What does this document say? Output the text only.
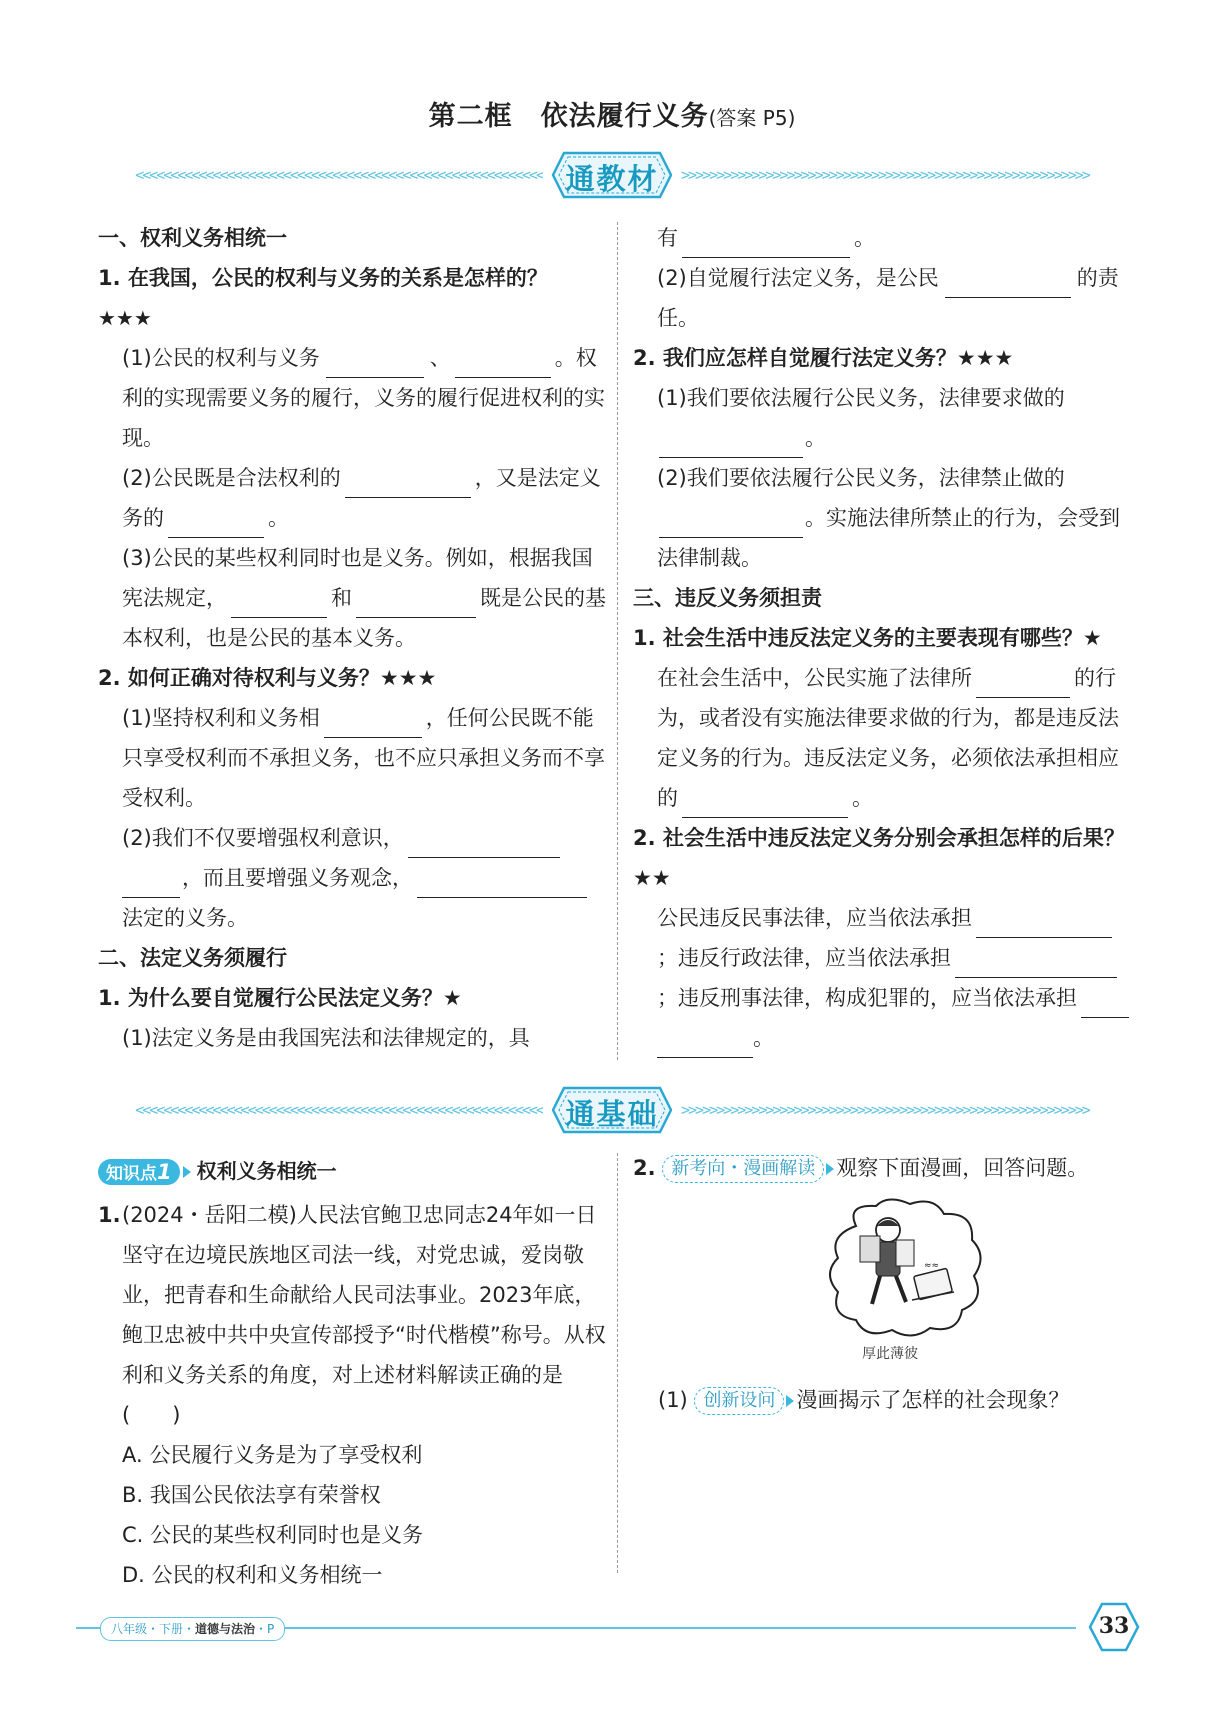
第二框　依法履行义务(答案 P5)
<<<<<<<<<<<<<<<<<<<<<<<<<<<<<<<<<<<<<<<<<<<<<<<<<<<<<<<<<< 通教材	>>>>>>>>>>>>>>>>>>>>>>>>>>>>>>>>>>>>>>>>>>>>>>>>>>>>>>>>>>

一、权利义务相统一

1. 在我国，公民的权利与义务的关系是怎样的？

★★★

(1)公民的权利与义务	、	。权利的实现需要义务的履行，义务的履行促进权利的实现。

(2)公民既是合法权利的	，又是法定义务的	。

(3)公民的某些权利同时也是义务。例如，根据我国宪法规定，	和	既是公民的基本权利，也是公民的基本义务。

2. 如何正确对待权利与义务？★★★

(1)坚持权利和义务相	，任何公民既不能只享受权利而不承担义务，也不应只承担义务而不享受权利。

(2)我们不仅要增强权利意识，，而且要增强义务观念，法定的义务。

二、法定义务须履行

1. 为什么要自觉履行公民法定义务？★

(1)法定义务是由我国宪法和法律规定的，具

有	。

(2)自觉履行法定义务，是公民	的责任。

2. 我们应怎样自觉履行法定义务？★★★

(1)我们要依法履行公民义务，法律要求做的。

(2)我们要依法履行公民义务，法律禁止做的。实施法律所禁止的行为，会受到法律制裁。

三、违反义务须担责

1. 社会生活中违反法定义务的主要表现有哪些？★

在社会生活中，公民实施了法律所	的行为，或者没有实施法律要求做的行为，都是违反法定义务的行为。违反法定义务，必须依法承担相应的	。

2. 社会生活中违反法定义务分别会承担怎样的后果？★★

公民违反民事法律，应当依法承担；违反行政法律，应当依法承担；违反刑事法律，构成犯罪的，应当依法承担。

<<<<<<<<<<<<<<<<<<<<<<<<<<<<<<<<<<<<<<<<<<<<<<<<<<<<<<<<<< 通基础	>>>>>>>>>>>>>>>>>>>>>>>>>>>>>>>>>>>>>>>>>>>>>>>>>>>>>>>>>>

知识点1 权利义务相统一

1. (2024・岳阳二模)人民法官鲍卫忠同志24年如一日坚守在边境民族地区司法一线，对党忠诚，爱岗敬业，把青春和生命献给人民司法事业。2023年底，鲍卫忠被中共中央宣传部授予“时代楷模”称号。从权利和义务关系的角度，对上述材料解读正确的是(　　)

A. 公民履行义务是为了享受权利

B. 我国公民依法享有荣誉权

C. 公民的某些权利同时也是义务

D. 公民的权利和义务相统一

2. 新考向・漫画解读 观察下面漫画，回答问题。

≈≈
厚此薄彼

(1) 创新设问 漫画揭示了怎样的社会现象？

八年级・下册・道德与法治・P	33
